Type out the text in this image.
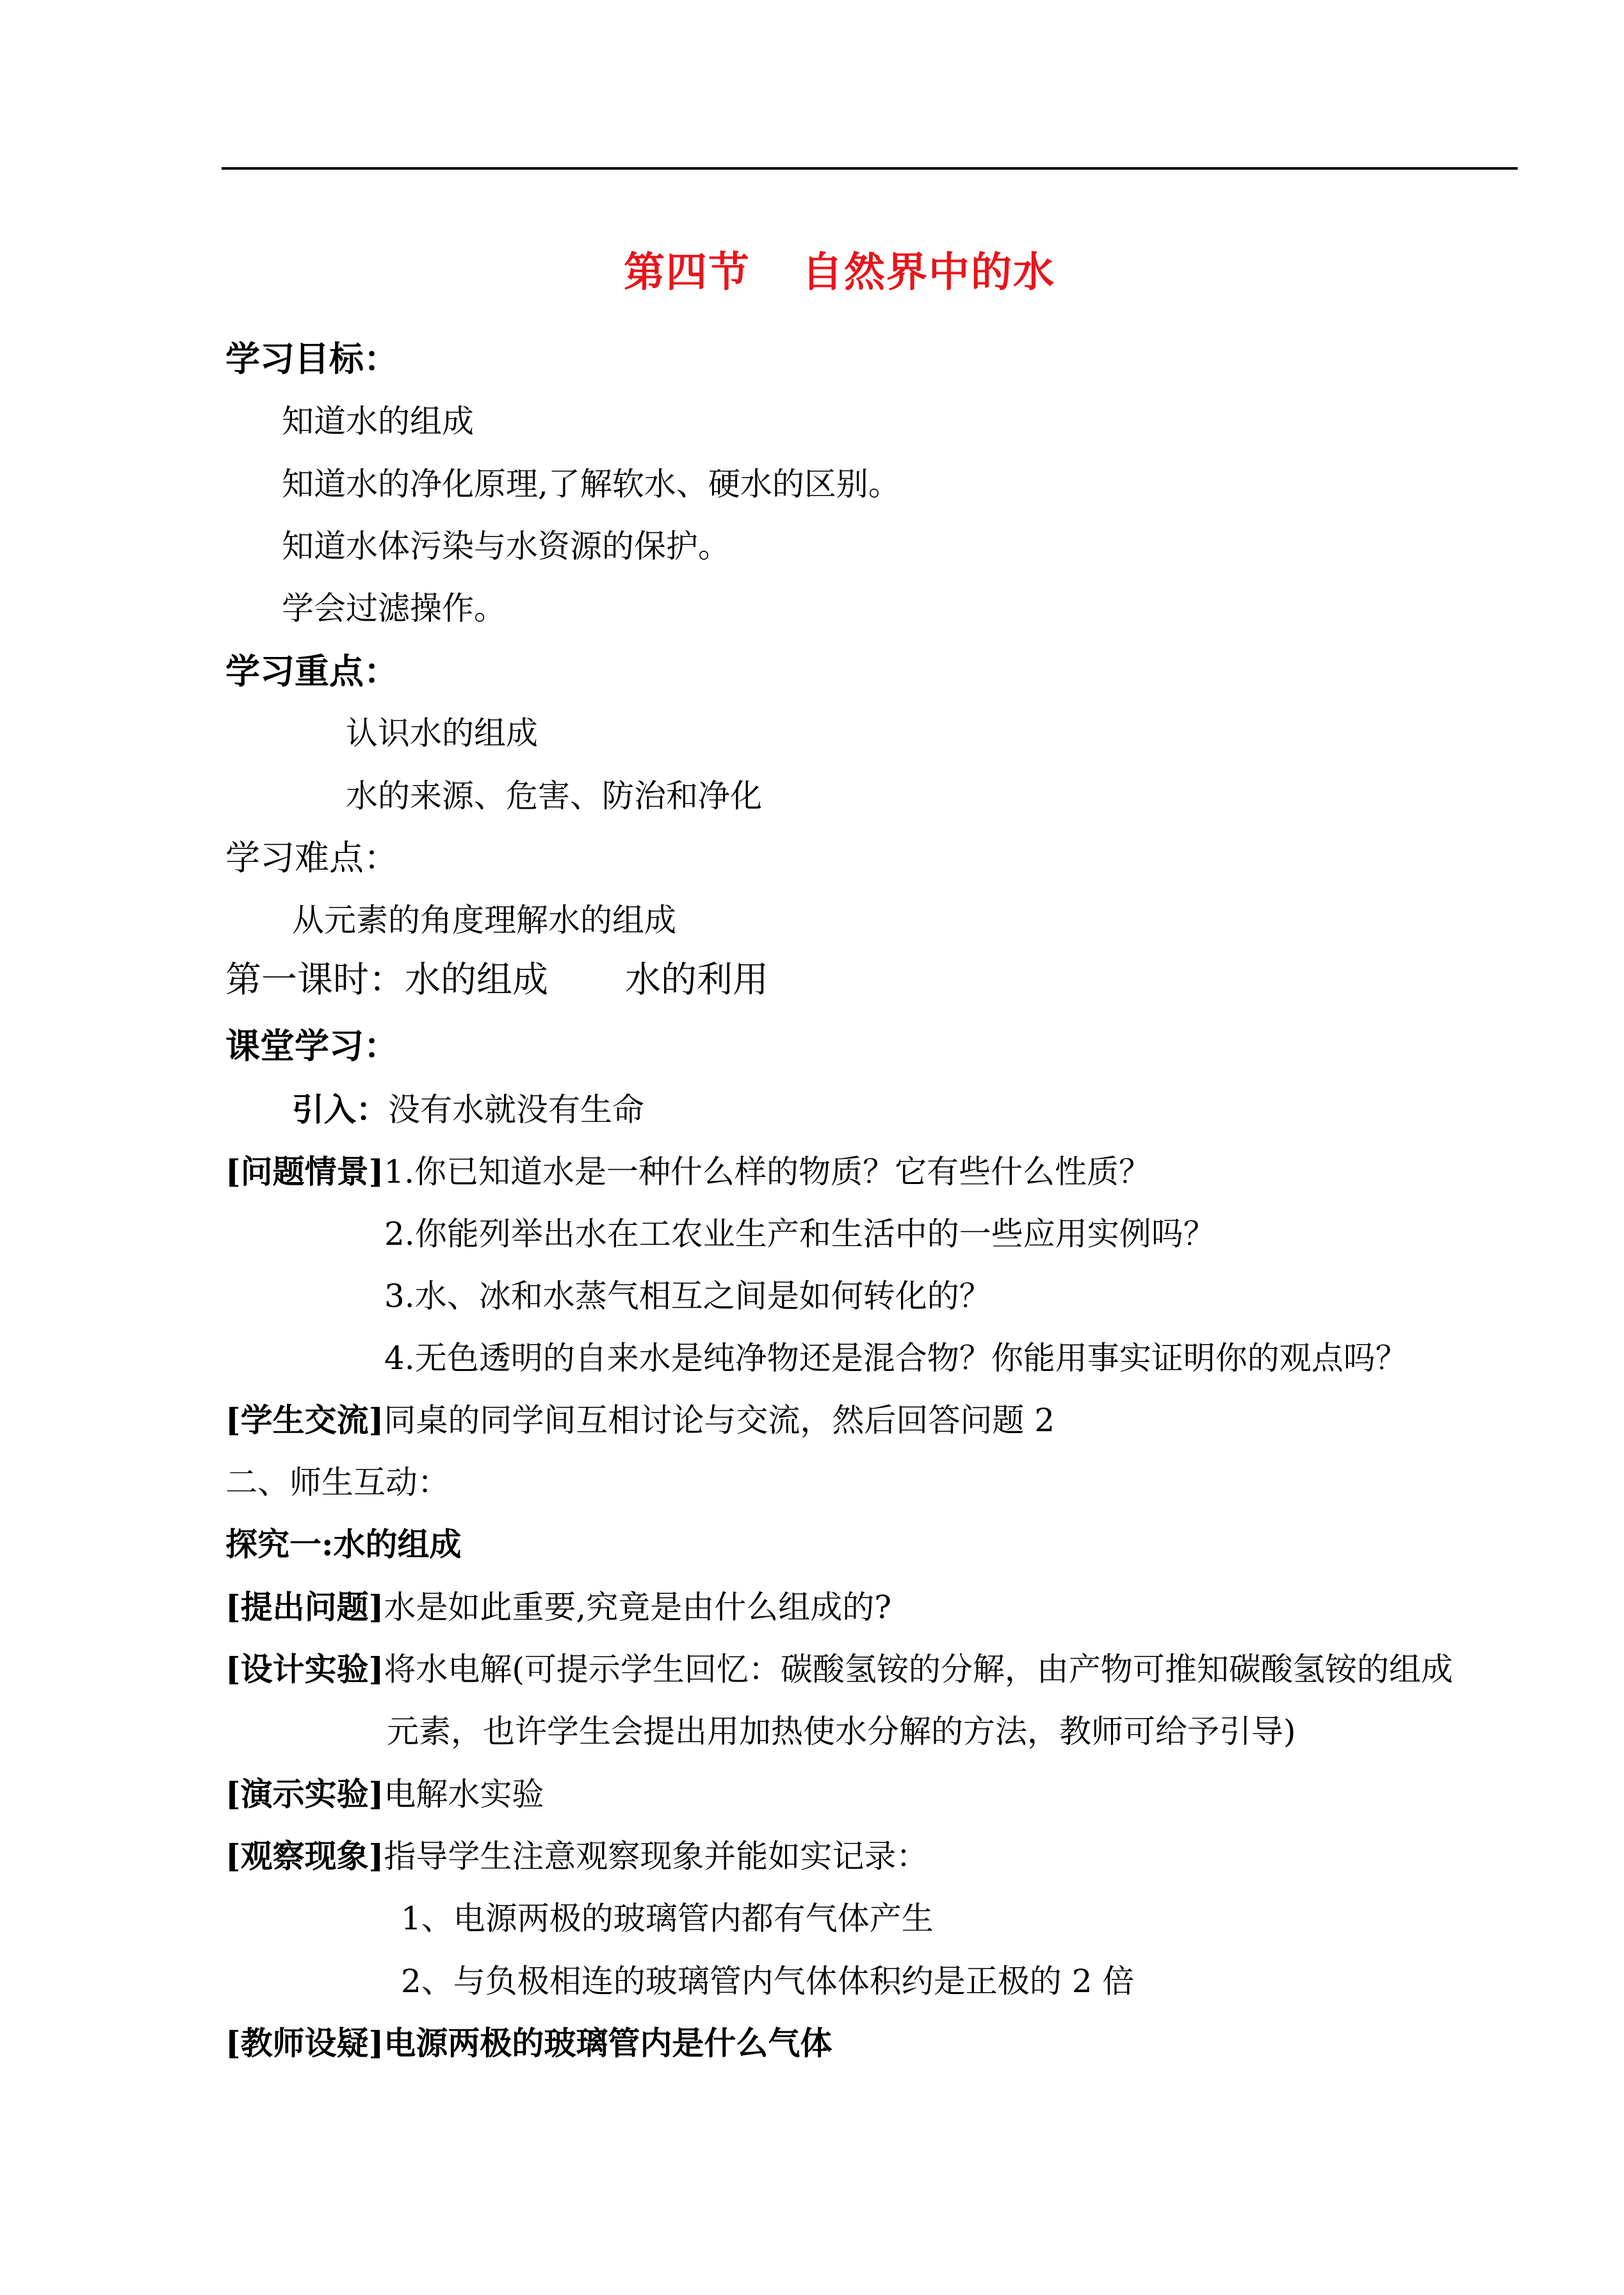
第四节 自然界中的水
学习目标：
知道水的组成
知道水的净化原理,了解软水、硬水的区别。
知道水体污染与水资源的保护。
学会过滤操作。
学习重点：
认识水的组成
水的来源、危害、防治和净化
学习难点：
从元素的角度理解水的组成
第一课时：水的组成 水的利用
课堂学习：
引入：没有水就没有生命
[问题情景]1.你已知道水是一种什么样的物质？它有些什么性质？
2.你能列举出水在工农业生产和生活中的一些应用实例吗？
3.水、冰和水蒸气相互之间是如何转化的？
4.无色透明的自来水是纯净物还是混合物？你能用事实证明你的观点吗？
[学生交流]同桌的同学间互相讨论与交流，然后回答问题 2
二、师生互动：
探究一:水的组成
[提出问题]水是如此重要,究竟是由什么组成的?
[设计实验]将水电解(可提示学生回忆：碳酸氢铵的分解，由产物可推知碳酸氢铵的组成
元素，也许学生会提出用加热使水分解的方法，教师可给予引导)
[演示实验]电解水实验
[观察现象]指导学生注意观察现象并能如实记录：
1、电源两极的玻璃管内都有气体产生
2、与负极相连的玻璃管内气体体积约是正极的 2 倍
[教师设疑]电源两极的玻璃管内是什么气体
